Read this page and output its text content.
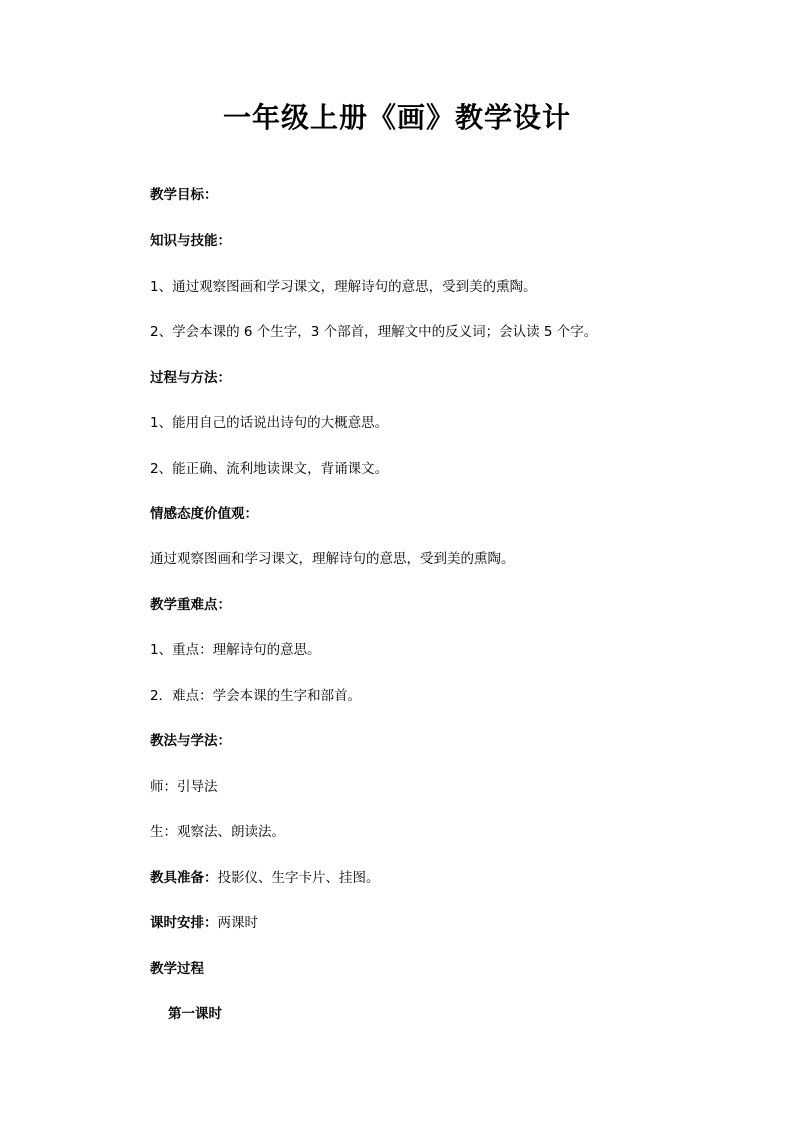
一年级上册《画》教学设计
教学目标：
知识与技能：
1、通过观察图画和学习课文，理解诗句的意思，受到美的熏陶。
2、学会本课的 6 个生字，3 个部首，理解文中的反义词；会认读 5 个字。
过程与方法：
1、能用自己的话说出诗句的大概意思。
2、能正确、流利地读课文，背诵课文。
情感态度价值观：
通过观察图画和学习课文，理解诗句的意思，受到美的熏陶。
教学重难点：
1、重点：理解诗句的意思。
2．难点：学会本课的生字和部首。
教法与学法：
师：引导法
生：观察法、朗读法。
教具准备：投影仪、生字卡片、挂图。
课时安排：两课时
教学过程
第一课时
